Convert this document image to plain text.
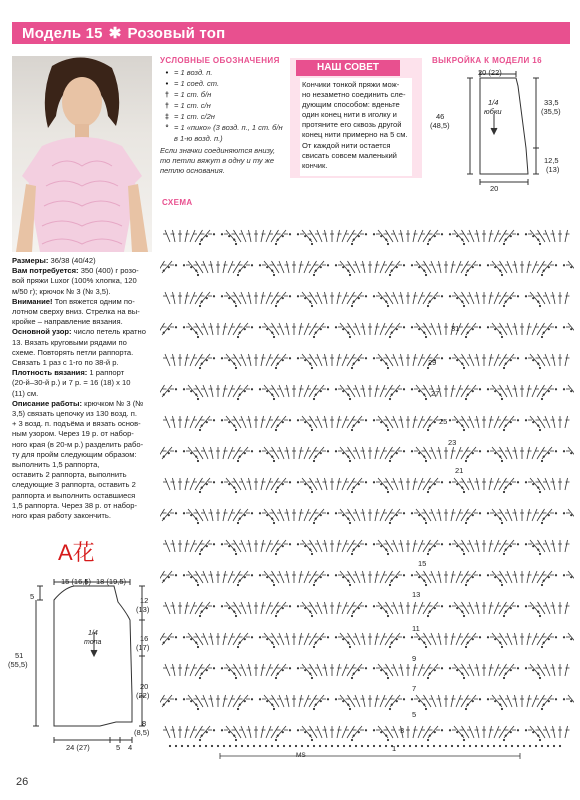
Модель 15 ✱ Розовый топ
УСЛОВНЫЕ ОБОЗНАЧЕНИЯ
• = 1 возд. п.
• = 1 соед. ст.
† = 1 ст. б/н
† = 1 ст. с/н
‡ = 1 ст. с/2н
° = 1 «пико» (3 возд. п., 1 ст. б/н
в 1-ю возд. п.)
Если значки соединяются внизу, то петли вяжут в одну и ту же петлю основания.
НАШ СОВЕТ
Кончики тонкой пряжи мож-
но незаметно соединить сле-
дующим способом: вденьте
один конец нити в иголку и
протяните его сквозь другой
конец нити примерно на 5 см.
От каждой нити остается
свисать совсем маленький
кончик.
ВЫКРОЙКА К МОДЕЛИ 16
20 (22)
1/4
юбки
46
(48,5)
33,5
(35,5)
12,5
(13)
20
СХЕМА
MS
31
29
27
25
23
21
15
13
11
9
7
5
3
1
Размеры: 36/38 (40/42)
Вам потребуется: 350 (400) г розо-
вой пряжи Luxor (100% хлопка, 120
м/50 г); крючок № 3 (№ 3,5).
Внимание! Топ вяжется одним по-
лотном сверху вниз. Стрелка на вы-
кройке – направление вязания.
Основной узор: число петель кратно
13. Вязать круговыми рядами по
схеме. Повторять петли раппорта.
Связать 1 раз с 1-го по 38-й р.
Плотность вязания: 1 раппорт
(20-й–30-й р.) и 7 р. = 16 (18) х 10
(11) см.
Описание работы: крючком № 3 (№
3,5) связать цепочку из 130 возд. п.
+ 3 возд. п. подъёма и вязать основ-
ным узором. Через 19 р. от набор-
ного края (в 20-м р.) разделить рабо-
ту для пройм следующим образом:
выполнить 1,5 раппорта,
оставить 2 раппорта, выполнить
следующие 3 раппорта, оставить 2
раппорта и выполнить оставшиеся
1,5 раппорта. Через 38 р. от набор-
ного края работу закончить.
A花
15 (16,5) 18 (19,5)
5
1/4
топа
51
(55,5)
12
(13)
16
(17)
20
(22)
8
(8,5)
24 (27)	5 4
26
